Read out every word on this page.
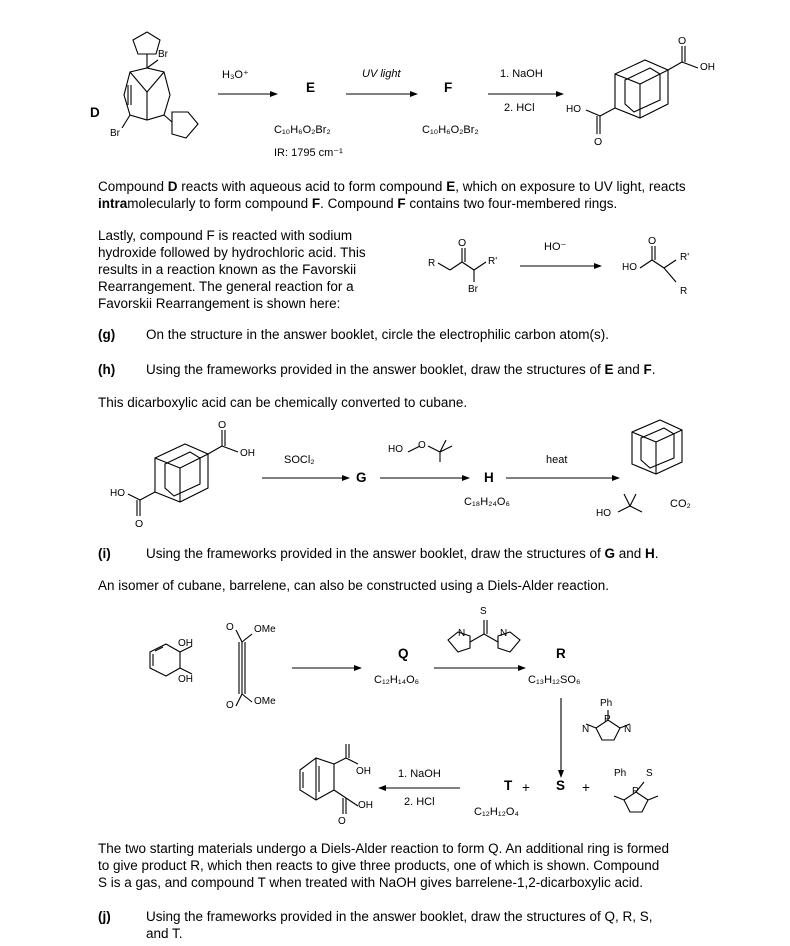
O
O
O	O
O
O
D
Br
Br
H₃O⁺
E
C₁₀H₆O₂Br₂
IR: 1795 cm⁻¹
UV light
F
C₁₀H₆O₂Br₂
1. NaOH
2. HCl
OH
HO
Compound D reacts with aqueous acid to form compound E, which on exposure to UV light, reacts intramolecularly to form compound F. Compound F contains two four-membered rings.
Lastly, compound F is reacted with sodium
hydroxide followed by hydrochloric acid. This
results in a reaction known as the Favorskii
Rearrangement. The general reaction for a
Favorskii Rearrangement is shown here:
R	R'
Br
HO⁻
HO
R'
R
(g) On the structure in the answer booklet, circle the electrophilic carbon atom(s).
(h) Using the frameworks provided in the answer booklet, draw the structures of E and F.
This dicarboxylic acid can be chemically converted to cubane.
OH
HO
SOCl₂
G
HO O
H
C₁₈H₂₄O₆
heat
HO
CO₂
(i)	Using the frameworks provided in the answer booklet, draw the structures of G and H.
An isomer of cubane, barrelene, can also be constructed using a Diels-Alder reaction.
OH
OH
O OMe
O OMe
Q
C₁₂H₁₄O₆
S
N	N
R
C₁₃H₁₂SO₆
Ph
P
N	N
T + S +
C₁₂H₁₂O₄
Ph S
P
1. NaOH
2. HCl
OH
OH
O
The two starting materials undergo a Diels-Alder reaction to form Q. An additional ring is formed
to give product R, which then reacts to give three products, one of which is shown. Compound
S is a gas, and compound T when treated with NaOH gives barrelene-1,2-dicarboxylic acid.
(j)	Using the frameworks provided in the answer booklet, draw the structures of Q, R, S,
and T.
